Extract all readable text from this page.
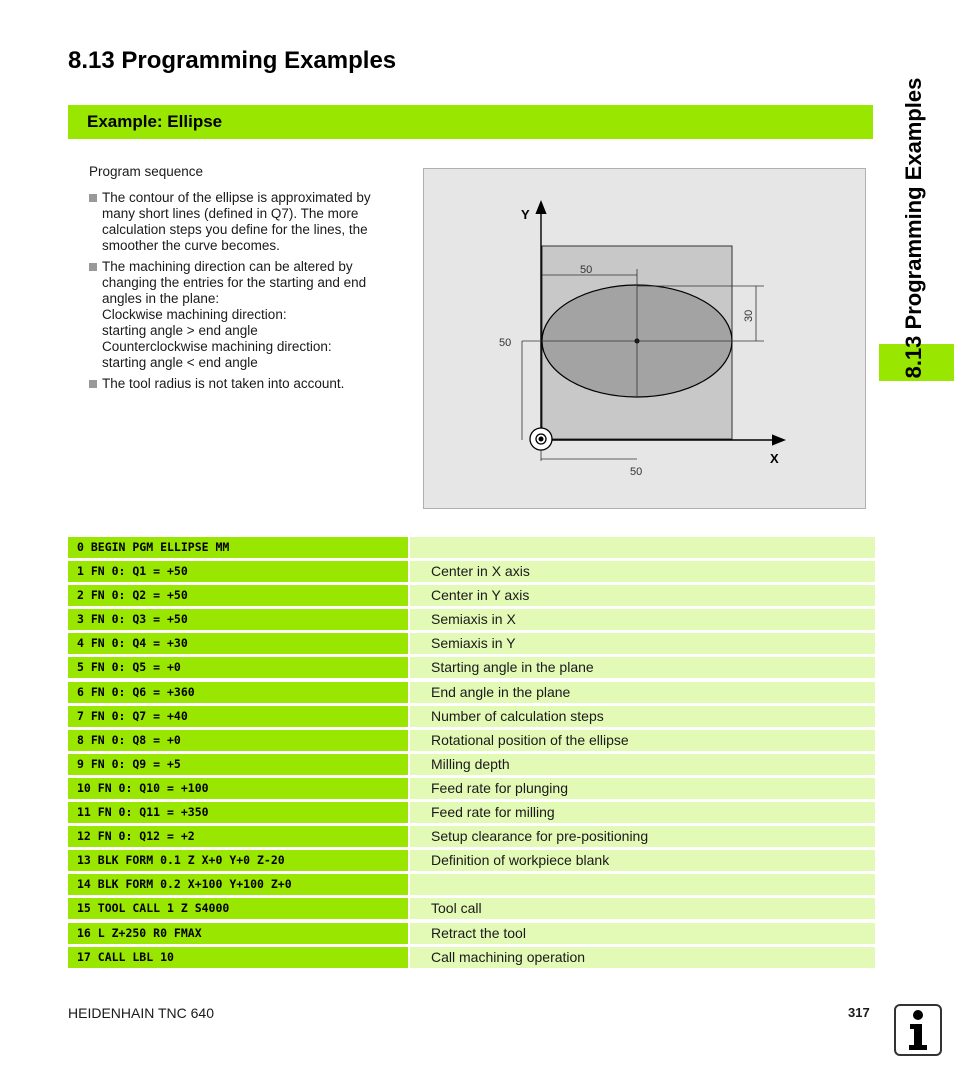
8.13 Programming Examples
Example: Ellipse	8.13 Programming Examples

Program sequence

The contour of the ellipse is approximated by
many short lines (defined in Q7). The more
calculation steps you define for the lines, the
smoother the curve becomes.
The machining direction can be altered by
changing the entries for the starting and end
angles in the plane:
Clockwise machining direction:
starting angle > end angle
Counterclockwise machining direction:
starting angle < end angle
The tool radius is not taken into account.
Y
X
50
50
30
50
0 BEGIN PGM ELLIPSE MM
1 FN 0: Q1 = +50	Center in X axis
2 FN 0: Q2 = +50	Center in Y axis
3 FN 0: Q3 = +50	Semiaxis in X
4 FN 0: Q4 = +30	Semiaxis in Y
5 FN 0: Q5 = +0	Starting angle in the plane
6 FN 0: Q6 = +360	End angle in the plane
7 FN 0: Q7 = +40	Number of calculation steps
8 FN 0: Q8 = +0	Rotational position of the ellipse
9 FN 0: Q9 = +5	Milling depth
10 FN 0: Q10 = +100	Feed rate for plunging
11 FN 0: Q11 = +350	Feed rate for milling
12 FN 0: Q12 = +2	Setup clearance for pre-positioning
13 BLK FORM 0.1 Z X+0 Y+0 Z-20	Definition of workpiece blank
14 BLK FORM 0.2 X+100 Y+100 Z+0
15 TOOL CALL 1 Z S4000	Tool call
16 L Z+250 R0 FMAX	Retract the tool
17 CALL LBL 10	Call machining operation
HEIDENHAIN TNC 640	317
